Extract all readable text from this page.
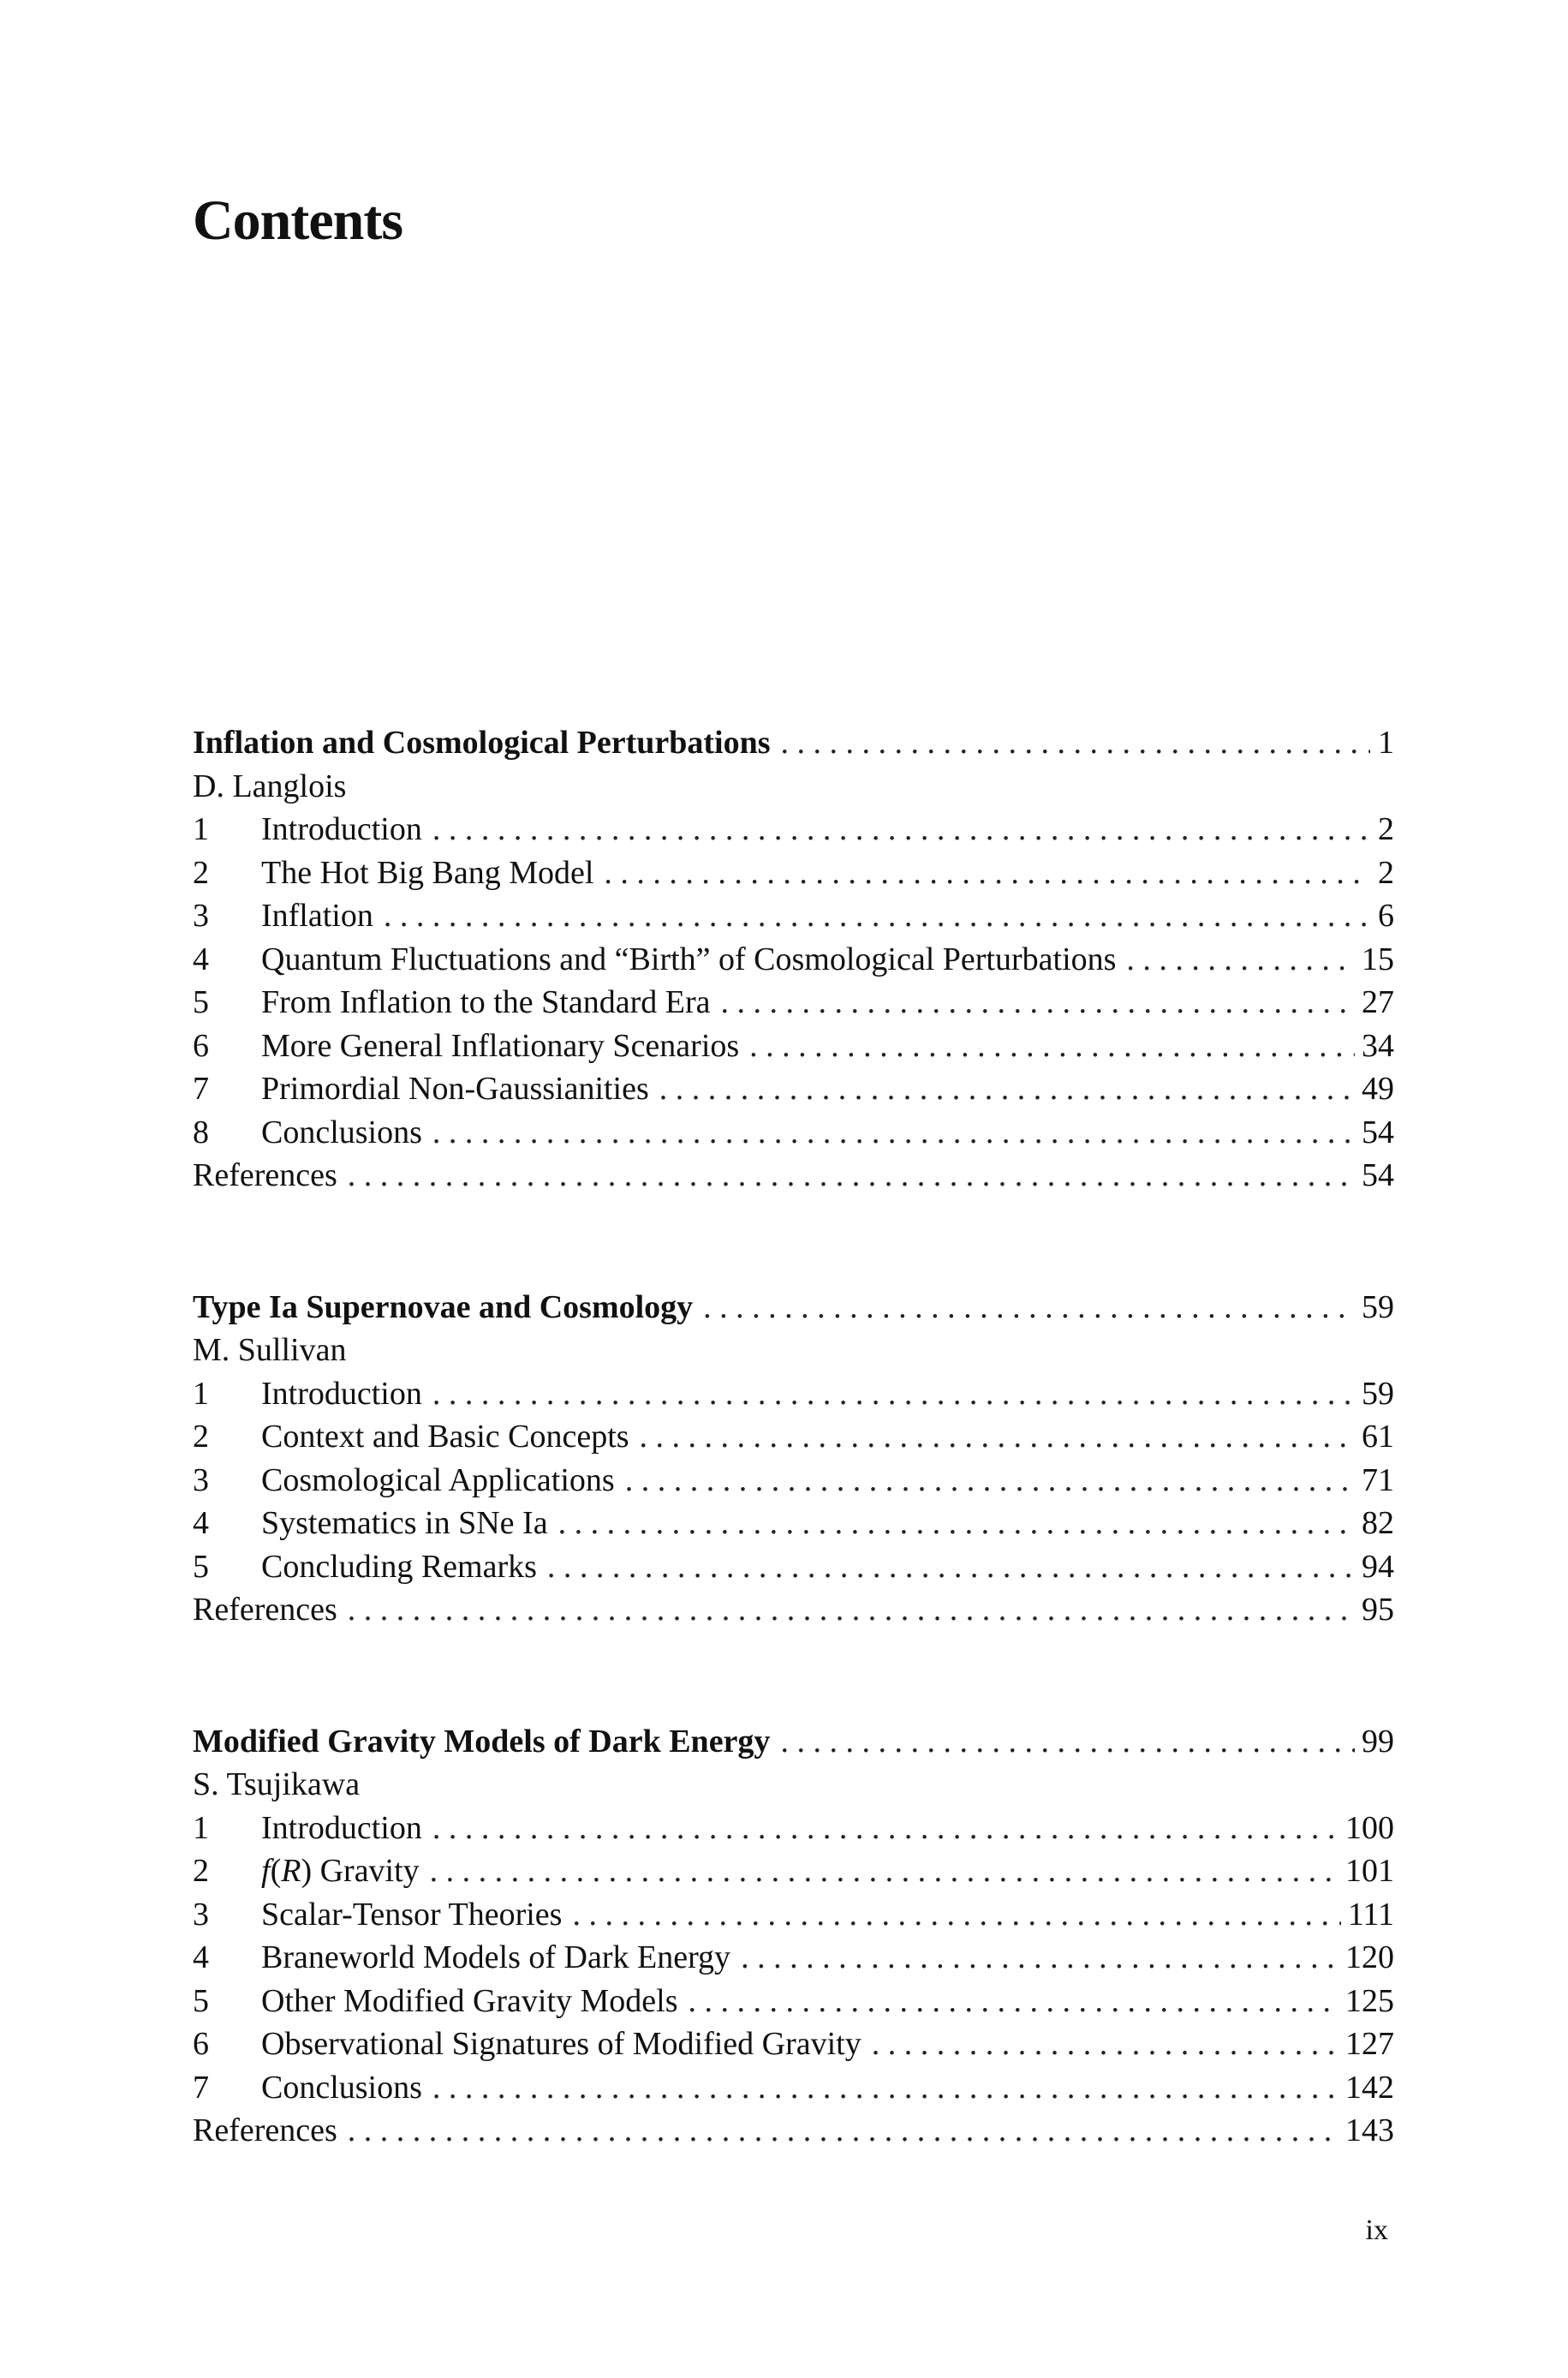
Contents
Inflation and Cosmological Perturbations . . .	1
D. Langlois
1	Introduction . . .	2
2	The Hot Big Bang Model . . .	2
3	Inflation . . .	6
4	Quantum Fluctuations and “Birth” of Cosmological Perturbations . . .	15
5	From Inflation to the Standard Era . . .	27
6	More General Inflationary Scenarios . . .	34
7	Primordial Non-Gaussianities . . .	49
8	Conclusions . . .	54
References . . .	54
Type Ia Supernovae and Cosmology . . .	59
M. Sullivan
1	Introduction . . .	59
2	Context and Basic Concepts . . .	61
3	Cosmological Applications . . .	71
4	Systematics in SNe Ia . . .	82
5	Concluding Remarks . . .	94
References . . .	95
Modified Gravity Models of Dark Energy . . .	99
S. Tsujikawa
1	Introduction . . .	100
2	f(R) Gravity . . .	101
3	Scalar-Tensor Theories . . .	111
4	Braneworld Models of Dark Energy . . .	120
5	Other Modified Gravity Models . . .	125
6	Observational Signatures of Modified Gravity . . .	127
7	Conclusions . . .	142
References . . .	143
ix
